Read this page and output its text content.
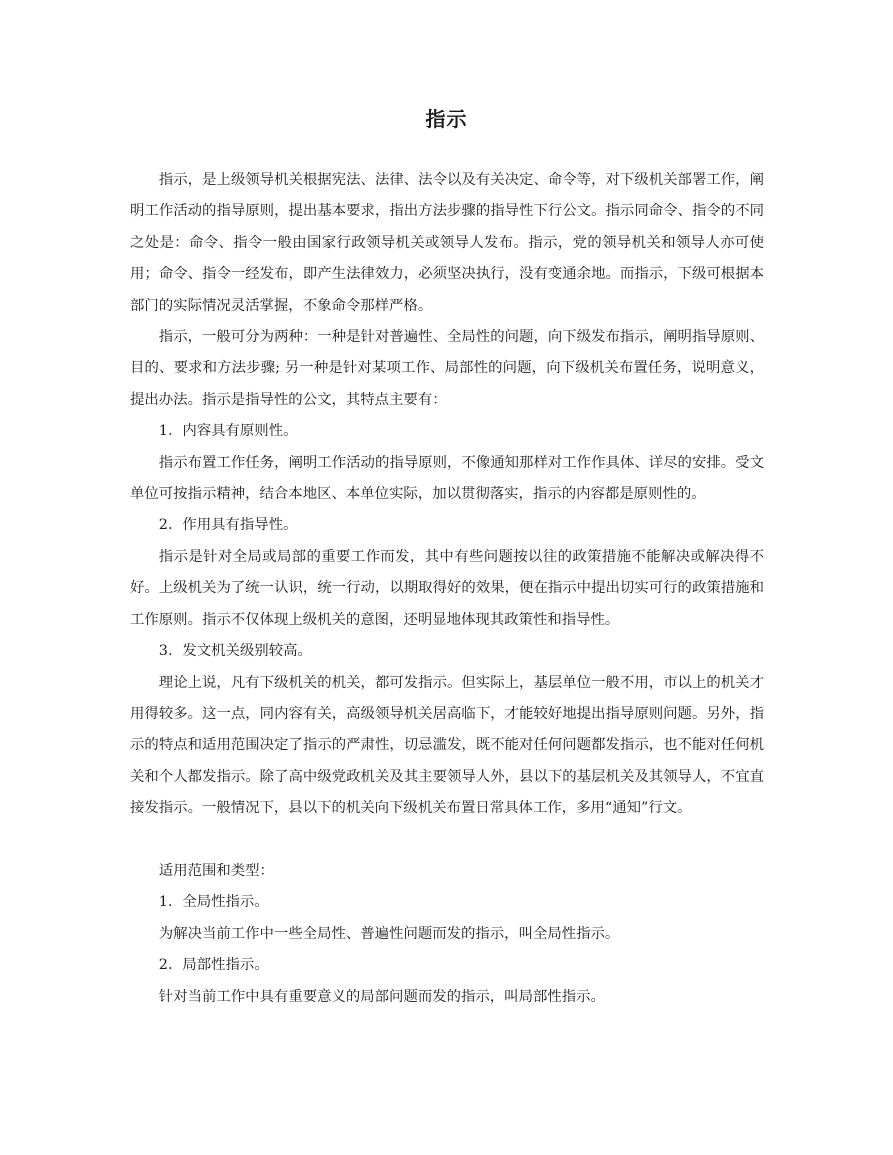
指示

指示，是上级领导机关根据宪法、法律、法令以及有关决定、命令等，对下级机关部署工作，阐明工作活动的指导原则，提出基本要求，指出方法步骤的指导性下行公文。指示同命令、指令的不同之处是：命令、指令一般由国家行政领导机关或领导人发布。指示，党的领导机关和领导人亦可使用；命令、指令一经发布，即产生法律效力，必须坚决执行，没有变通余地。而指示，下级可根据本部门的实际情况灵活掌握，不象命令那样严格。

指示，一般可分为两种：一种是针对普遍性、全局性的问题，向下级发布指示，阐明指导原则、目的、要求和方法步骤; 另一种是针对某项工作、局部性的问题，向下级机关布置任务，说明意义，提出办法。指示是指导性的公文，其特点主要有：

1．内容具有原则性。

指示布置工作任务，阐明工作活动的指导原则，不像通知那样对工作作具体、详尽的安排。受文单位可按指示精神，结合本地区、本单位实际，加以贯彻落实，指示的内容都是原则性的。

2．作用具有指导性。

指示是针对全局或局部的重要工作而发，其中有些问题按以往的政策措施不能解决或解决得不好。上级机关为了统一认识，统一行动，以期取得好的效果，便在指示中提出切实可行的政策措施和工作原则。指示不仅体现上级机关的意图，还明显地体现其政策性和指导性。

3．发文机关级别较高。

理论上说，凡有下级机关的机关，都可发指示。但实际上，基层单位一般不用，市以上的机关才用得较多。这一点，同内容有关，高级领导机关居高临下，才能较好地提出指导原则问题。另外，指示的特点和适用范围决定了指示的严肃性，切忌滥发，既不能对任何问题都发指示，也不能对任何机关和个人都发指示。除了高中级党政机关及其主要领导人外，县以下的基层机关及其领导人，不宜直接发指示。一般情况下，县以下的机关向下级机关布置日常具体工作，多用“通知”行文。

适用范围和类型：

1．全局性指示。

为解决当前工作中一些全局性、普遍性问题而发的指示，叫全局性指示。

2．局部性指示。

针对当前工作中具有重要意义的局部问题而发的指示，叫局部性指示。
